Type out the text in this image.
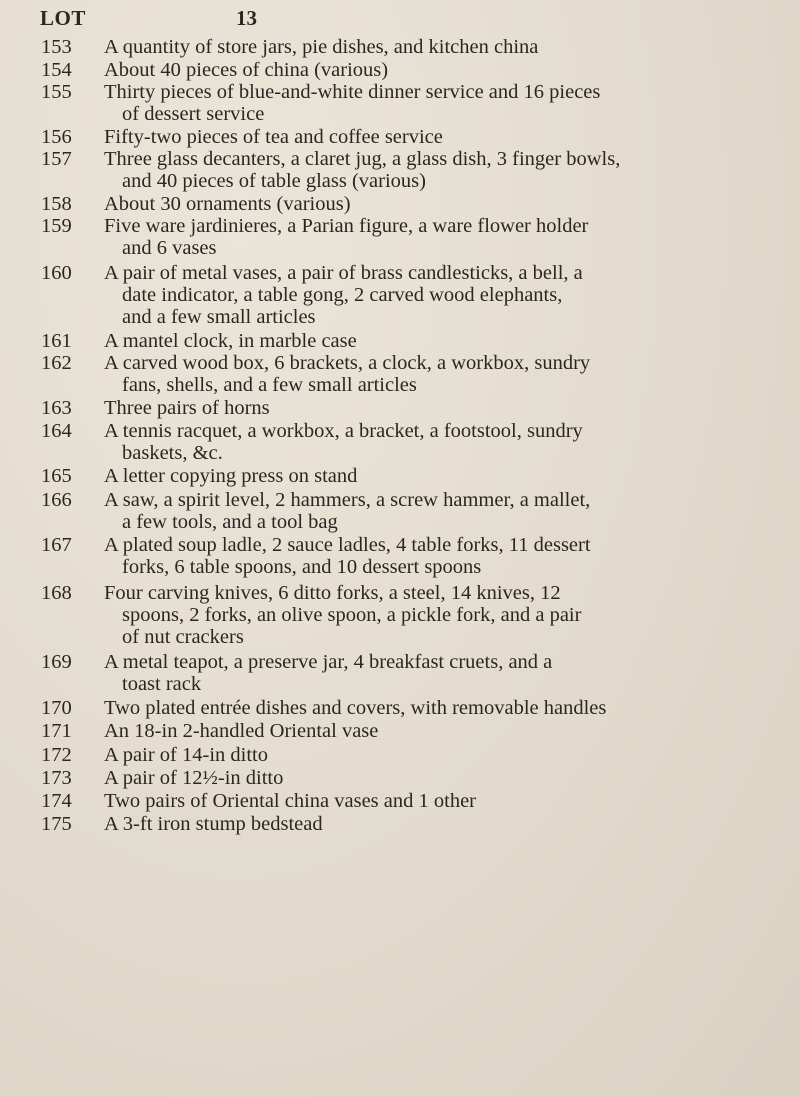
LOT	13
153	A quantity of store jars, pie dishes, and kitchen china
154	About 40 pieces of china (various)
155	Thirty pieces of blue-and-white dinner service and 16 pieces
of dessert service
156	Fifty-two pieces of tea and coffee service
157	Three glass decanters, a claret jug, a glass dish, 3 finger bowls,
and 40 pieces of table glass (various)
158	About 30 ornaments (various)
159	Five ware jardinieres, a Parian figure, a ware flower holder
and 6 vases
160	A pair of metal vases, a pair of brass candlesticks, a bell, a
date indicator, a table gong, 2 carved wood elephants,
and a few small articles
161	A mantel clock, in marble case
162	A carved wood box, 6 brackets, a clock, a workbox, sundry
fans, shells, and a few small articles
163	Three pairs of horns
164	A tennis racquet, a workbox, a bracket, a footstool, sundry
baskets, &c.
165	A letter copying press on stand
166	A saw, a spirit level, 2 hammers, a screw hammer, a mallet,
a few tools, and a tool bag
167	A plated soup ladle, 2 sauce ladles, 4 table forks, 11 dessert
forks, 6 table spoons, and 10 dessert spoons
168	Four carving knives, 6 ditto forks, a steel, 14 knives, 12
spoons, 2 forks, an olive spoon, a pickle fork, and a pair
of nut crackers
169	A metal teapot, a preserve jar, 4 breakfast cruets, and a
toast rack
170	Two plated entrée dishes and covers, with removable handles
171	An 18-in 2-handled Oriental vase
172	A pair of 14-in ditto
173	A pair of 12½-in ditto
174	Two pairs of Oriental china vases and 1 other
175	A 3-ft iron stump bedstead
